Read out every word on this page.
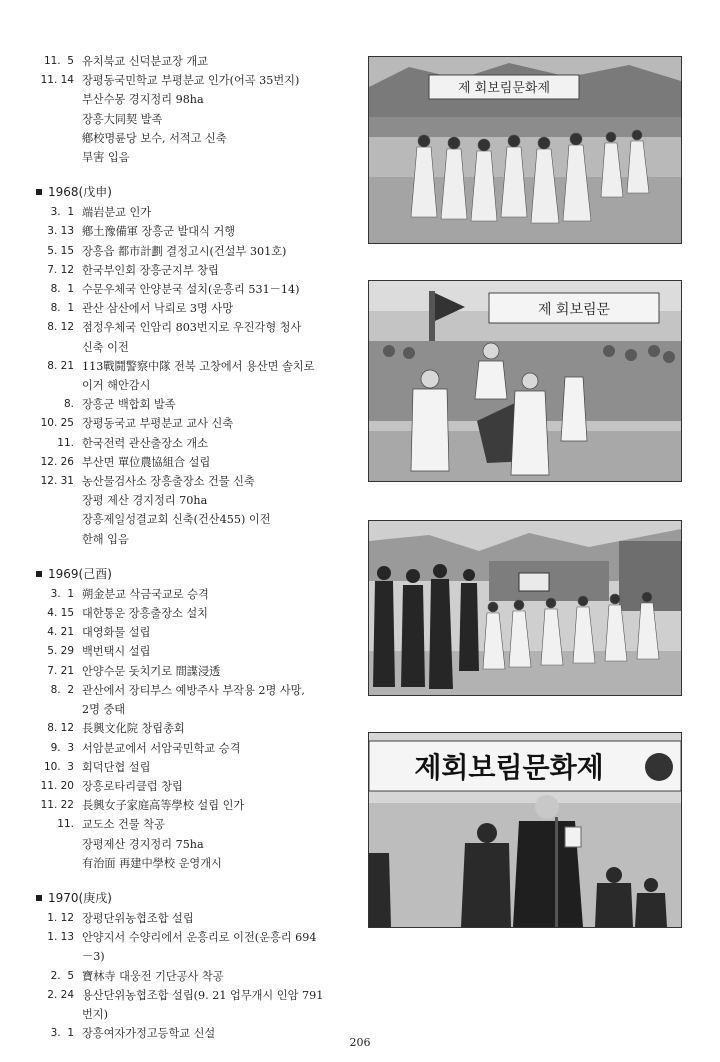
11.  5 유치북교 신덕분교장 개교
11. 14 장평동국민학교 부평분교 인가(어곡 35번지)
부산수몽 경지정리 98ha
장흥大同契 발족
鄕校명륜당 보수, 서적고 신축
旱害 입음
1968(戊申)
3.  1 端岩분교 인가
3. 13 鄕土豫備軍 장흥군 발대식 거행
5. 15 장흥읍 都市計劃 결정고시(건설부 301호)
7. 12 한국부인회 장흥군지부 창립
8.  1 수문우체국 안양분국 설치(운흥리 531－14)
8.  1 관산 삼산에서 낙뢰로 3명 사망
8. 12 점정우체국 인암리 803번지로 우진각형 청사
신축 이전
8. 21 113戰鬪警察中隊 전북 고창에서 용산면 솔치로
이거 해안감시
8. 장흥군 백합회 발족
10. 25 장평동국교 부평분교 교사 신축
11. 한국전력 관산출장소 개소
12. 26 부산면 單位農協組合 설립
12. 31 농산물검사소 장흥출장소 건물 신축
장평 제산 경지정리 70ha
장흥제일성결교회 신축(건산455) 이전
한해 입음
1969(己酉)
3.  1 朔金분교 삭금국교로 승격
4. 15 대한통운 장흥출장소 설치
4. 21 대영화물 설립
5. 29 백번택시 설립
7. 21 안양수문 돗치기로 間諜浸透
8.  2 관산에서 장티부스 예방주사 부작용 2명 사망,
2명 중태
8. 12 長興文化院 창립총회
9.  3 서암분교에서 서암국민학교 승격
10.  3 회덕단협 설립
11. 20 장흥로타리클럽 창립
11. 22 長興女子家庭高等學校 설립 인가
11. 교도소 건물 착공
장평제산 경지정리 75ha
有治面 再建中學校 운영개시
1970(庚戌)
1. 12 장평단위농협조합 설립
1. 13 안양지서 수양리에서 운흥리로 이전(운흥리 694
－3)
2.  5 寶林寺 대웅전 기단공사 착공
2. 24 용산단위농협조합 설립(9. 21 업무개시 인암 791
번지)
3.  1 장흥여자가정고등학교 신설
제 회보림문화제
제 회보림문
제회보림문화제
206
